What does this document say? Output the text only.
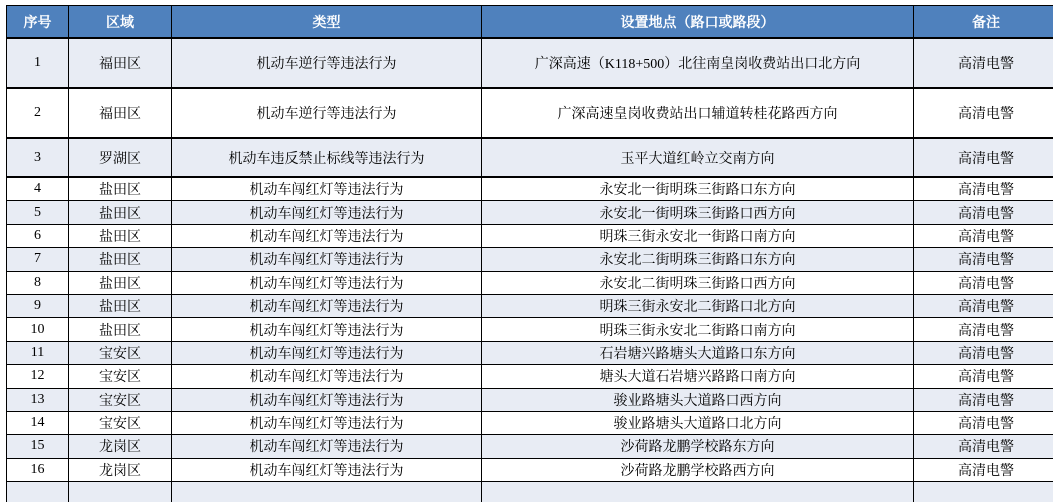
序号	区域	类型	设置地点（路口或路段）	备注
1	福田区	机动车逆行等违法行为	广深高速（K118+500）北往南皇岗收费站出口北方向	高清电警
2	福田区	机动车逆行等违法行为	广深高速皇岗收费站出口辅道转桂花路西方向	高清电警
3	罗湖区	机动车违反禁止标线等违法行为	玉平大道红岭立交南方向	高清电警
4	盐田区	机动车闯红灯等违法行为	永安北一街明珠三街路口东方向	高清电警
5	盐田区	机动车闯红灯等违法行为	永安北一街明珠三街路口西方向	高清电警
6	盐田区	机动车闯红灯等违法行为	明珠三街永安北一街路口南方向	高清电警
7	盐田区	机动车闯红灯等违法行为	永安北二街明珠三街路口东方向	高清电警
8	盐田区	机动车闯红灯等违法行为	永安北二街明珠三街路口西方向	高清电警
9	盐田区	机动车闯红灯等违法行为	明珠三街永安北二街路口北方向	高清电警
10	盐田区	机动车闯红灯等违法行为	明珠三街永安北二街路口南方向	高清电警
11	宝安区	机动车闯红灯等违法行为	石岩塘兴路塘头大道路口东方向	高清电警
12	宝安区	机动车闯红灯等违法行为	塘头大道石岩塘兴路路口南方向	高清电警
13	宝安区	机动车闯红灯等违法行为	骏业路塘头大道路口西方向	高清电警
14	宝安区	机动车闯红灯等违法行为	骏业路塘头大道路口北方向	高清电警
15	龙岗区	机动车闯红灯等违法行为	沙荷路龙鹏学校路东方向	高清电警
16	龙岗区	机动车闯红灯等违法行为	沙荷路龙鹏学校路西方向	高清电警
